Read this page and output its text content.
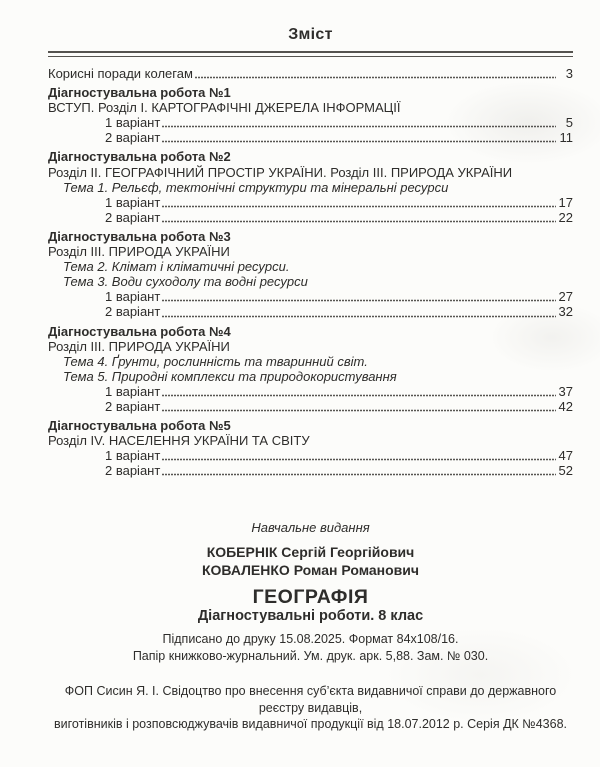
Зміст
Корисні поради колегам	3
Діагностувальна робота №1
ВСТУП. Розділ І. КАРТОГРАФІЧНІ ДЖЕРЕЛА ІНФОРМАЦІЇ
1 варіант	5
2 варіант	11
Діагностувальна робота №2
Розділ ІІ. ГЕОГРАФІЧНИЙ ПРОСТІР УКРАЇНИ. Розділ ІІІ. ПРИРОДА УКРАЇНИ
Тема 1. Рельєф, тектонічні структури та мінеральні ресурси
1 варіант	17
2 варіант	22
Діагностувальна робота №3
Розділ ІІІ. ПРИРОДА УКРАЇНИ
Тема 2. Клімат і кліматичні ресурси.
Тема 3. Води суходолу та водні ресурси
1 варіант	27
2 варіант	32
Діагностувальна робота №4
Розділ ІІІ. ПРИРОДА УКРАЇНИ
Тема 4. Ґрунти, рослинність та тваринний світ.
Тема 5. Природні комплекси та природокористування
1 варіант	37
2 варіант	42
Діагностувальна робота №5
Розділ IV. НАСЕЛЕННЯ УКРАЇНИ ТА СВІТУ
1 варіант	47
2 варіант	52
Навчальне видання
КОБЕРНІК Сергій Георгійович
КОВАЛЕНКО Роман Романович
ГЕОГРАФІЯ
Діагностувальні роботи. 8 клас
Підписано до друку 15.08.2025. Формат 84х108/16.
Папір книжково-журнальний. Ум. друк. арк. 5,88. Зам. № 030.
ФОП Сисин Я. І. Свідоцтво про внесення суб’єкта видавничої справи до державного реєстру видавців,
виготівників і розповсюджувачів видавничої продукції від 18.07.2012 р. Серія ДК №4368.
